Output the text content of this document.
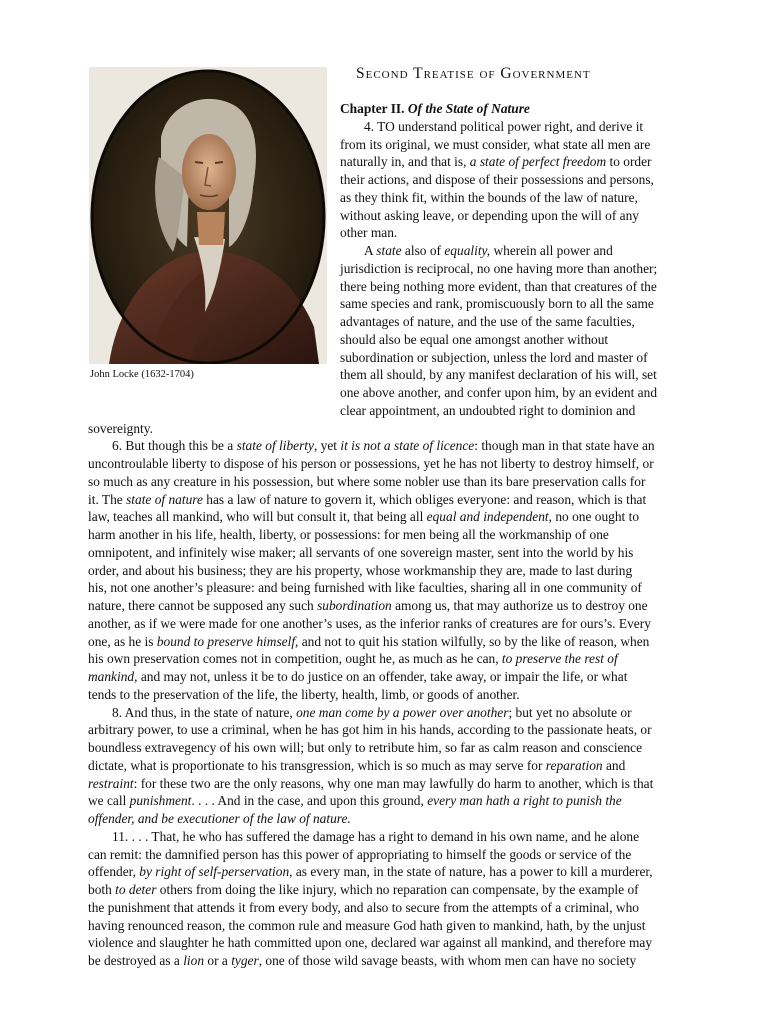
John Locke (1632-1704)
Second Treatise of Government
Chapter II. Of the State of Nature
4. TO understand political power right, and derive it
from its original, we must consider, what state all men are
naturally in, and that is, a state of perfect freedom to order
their actions, and dispose of their possessions and persons,
as they think fit, within the bounds of the law of nature,
without asking leave, or depending upon the will of any
other man.
A state also of equality, wherein all power and
jurisdiction is reciprocal, no one having more than another;
there being nothing more evident, than that creatures of the
same species and rank, promiscuously born to all the same
advantages of nature, and the use of the same faculties,
should also be equal one amongst another without
subordination or subjection, unless the lord and master of
them all should, by any manifest declaration of his will, set
one above another, and confer upon him, by an evident and
clear appointment, an undoubted right to dominion and
sovereignty.
6. But though this be a state of liberty, yet it is not a state of licence: though man in that state have an
uncontroulable liberty to dispose of his person or possessions, yet he has not liberty to destroy himself, or
so much as any creature in his possession, but where some nobler use than its bare preservation calls for
it. The state of nature has a law of nature to govern it, which obliges everyone: and reason, which is that
law, teaches all mankind, who will but consult it, that being all equal and independent, no one ought to
harm another in his life, health, liberty, or possessions: for men being all the workmanship of one
omnipotent, and infinitely wise maker; all servants of one sovereign master, sent into the world by his
order, and about his business; they are his property, whose workmanship they are, made to last during
his, not one another’s pleasure: and being furnished with like faculties, sharing all in one community of
nature, there cannot be supposed any such subordination among us, that may authorize us to destroy one
another, as if we were made for one another’s uses, as the inferior ranks of creatures are for ours’s. Every
one, as he is bound to preserve himself, and not to quit his station wilfully, so by the like of reason, when
his own preservation comes not in competition, ought he, as much as he can, to preserve the rest of
mankind, and may not, unless it be to do justice on an offender, take away, or impair the life, or what
tends to the preservation of the life, the liberty, health, limb, or goods of another.
8. And thus, in the state of nature, one man come by a power over another; but yet no absolute or
arbitrary power, to use a criminal, when he has got him in his hands, according to the passionate heats, or
boundless extravegency of his own will; but only to retribute him, so far as calm reason and conscience
dictate, what is proportionate to his transgression, which is so much as may serve for reparation and
restraint: for these two are the only reasons, why one man may lawfully do harm to another, which is that
we call punishment. . . . And in the case, and upon this ground, every man hath a right to punish the
offender, and be executioner of the law of nature.
11. . . . That, he who has suffered the damage has a right to demand in his own name, and he alone
can remit: the damnified person has this power of appropriating to himself the goods or service of the
offender, by right of self-perservation, as every man, in the state of nature, has a power to kill a murderer,
both to deter others from doing the like injury, which no reparation can compensate, by the example of
the punishment that attends it from every body, and also to secure from the attempts of a criminal, who
having renounced reason, the common rule and measure God hath given to mankind, hath, by the unjust
violence and slaughter he hath committed upon one, declared war against all mankind, and therefore may
be destroyed as a lion or a tyger, one of those wild savage beasts, with whom men can have no society
